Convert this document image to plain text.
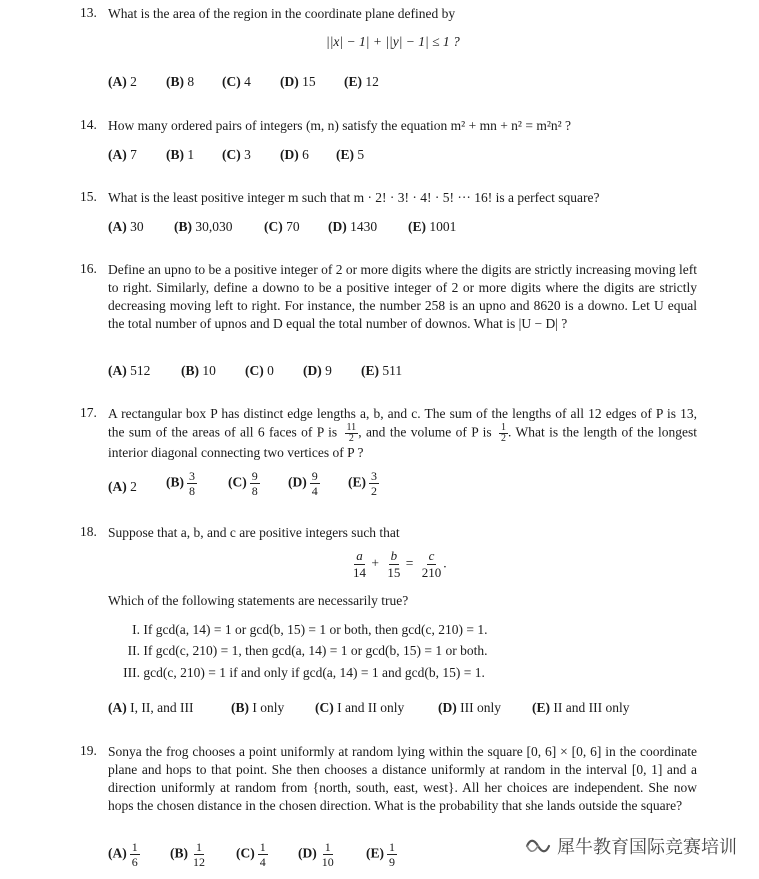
13. What is the area of the region in the coordinate plane defined by
||x| − 1| + ||y| − 1| ≤ 1 ?
(A) 2 (B) 8 (C) 4 (D) 15 (E) 12
14. How many ordered pairs of integers (m, n) satisfy the equation m² + mn + n² = m²n² ?
(A) 7 (B) 1 (C) 3 (D) 6 (E) 5
15. What is the least positive integer m such that m · 2! · 3! · 4! · 5! ··· 16! is a perfect square?
(A) 30 (B) 30,030 (C) 70 (D) 1430 (E) 1001
16. Define an upno to be a positive integer of 2 or more digits where the digits are strictly increasing moving left to right. Similarly, define a downo to be a positive integer of 2 or more digits where the digits are strictly decreasing moving left to right. For instance, the number 258 is an upno and 8620 is a downo. Let U equal the total number of upnos and D equal the total number of downos. What is |U − D| ?
(A) 512 (B) 10 (C) 0 (D) 9 (E) 511
17. A rectangular box P has distinct edge lengths a, b, and c. The sum of the lengths of all 12 edges of P is 13, the sum of the areas of all 6 faces of P is $\frac{11}{2}$ , and the volume of P is $\frac{1}{2}$ . What is the length of the longest interior diagonal connecting two vertices of P ?
(A) 2 $(B) \frac{3}{8} (C) \frac{9}{8} (D) \frac{9}{4} (E) \frac{3}{2}$
18. Suppose that a, b, and c are positive integers such that
$\frac{a}{14} + \frac{b}{15} = \frac{c}{210}$ .
Which of the following statements are necessarily true?
I. If gcd(a, 14) = 1 or gcd(b, 15) = 1 or both, then gcd(c, 210) = 1.
II. If gcd(c, 210) = 1, then gcd(a, 14) = 1 or gcd(b, 15) = 1 or both.
III. gcd(c, 210) = 1 if and only if gcd(a, 14) = 1 and gcd(b, 15) = 1.
(A) I, II, and III	(B) I only (C) I and II only	(D) III only (E) II and III only
19. Sonya the frog chooses a point uniformly at random lying within the square [0, 6] × [0, 6] in the coordinate plane and hops to that point. She then chooses a distance uniformly at random in the interval [0, 1] and a direction uniformly at random from {north, south, east, west}. All her choices are independent. She now hops the chosen distance in the chosen direction. What is the probability that she lands outside the square?
$(A) \frac{1}{6} (B) \frac{1}{12} (C) \frac{1}{4} (D) \frac{1}{10} (E) \frac{1}{9}$	犀牛教育国际竞赛培训
